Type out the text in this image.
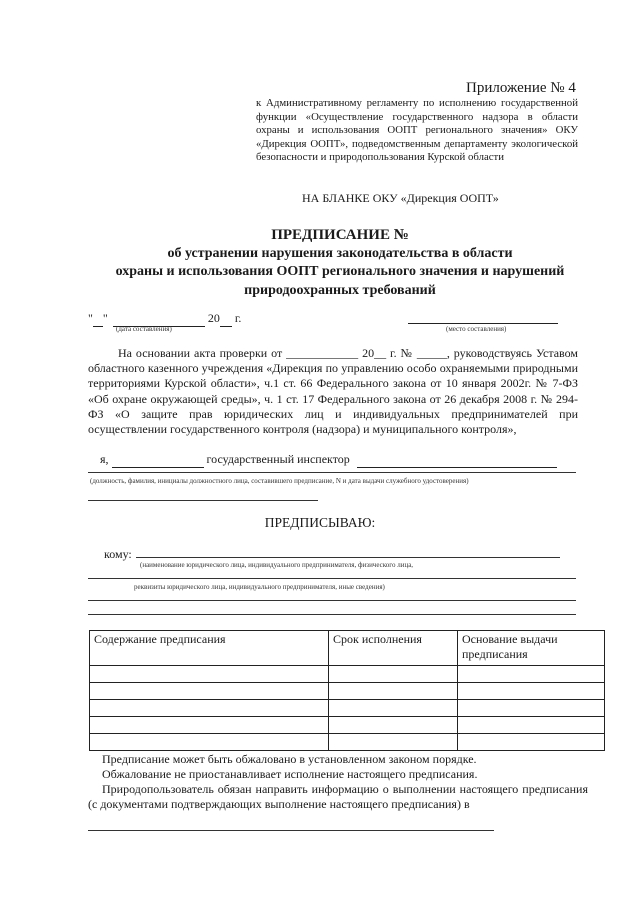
Приложение № 4
к Административному регламенту по исполнению государственной функции «Осуществление государственного надзора в области охраны и использования ООПТ регионального значения» ОКУ «Дирекция ООПТ», подведомственным департаменту экологической безопасности и природопользования Курской области
НА БЛАНКЕ ОКУ «Дирекция ООПТ»
ПРЕДПИСАНИЕ №
об устранении нарушения законодательства в области
охраны и использования ООПТ регионального значения и нарушений
природоохранных требований
" "	20 г.
(дата составления)	(место составления)
На основании акта проверки от ____________ 20__ г. № _____, руководствуясь Уставом областного казенного учреждения «Дирекция по управлению особо охраняемыми природными территориями Курской области», ч.1 ст. 66 Федерального закона от 10 января 2002г. № 7-ФЗ «Об охране окружающей среды», ч. 1 ст. 17 Федерального закона от 26 декабря 2008 г. № 294-ФЗ «О защите прав юридических лиц и индивидуальных предпринимателей при осуществлении государственного контроля (надзора) и муниципального контроля»,
я,	государственный инспектор
(должность, фамилия, инициалы должностного лица, составившего предписание, N и дата выдачи служебного удостоверения)
ПРЕДПИСЫВАЮ:
кому:
(наименование юридического лица, индивидуального предпринимателя, физического лица,
реквизиты юридического лица, индивидуального предпринимателя, иные сведения)
Содержание предписания	Срок исполнения	Основание выдачи предписания

Предписание может быть обжаловано в установленном законом порядке.

Обжалование не приостанавливает исполнение настоящего предписания.

Природопользователь обязан направить информацию о выполнении настоящего предписания (с документами подтверждающих выполнение настоящего предписания) в
